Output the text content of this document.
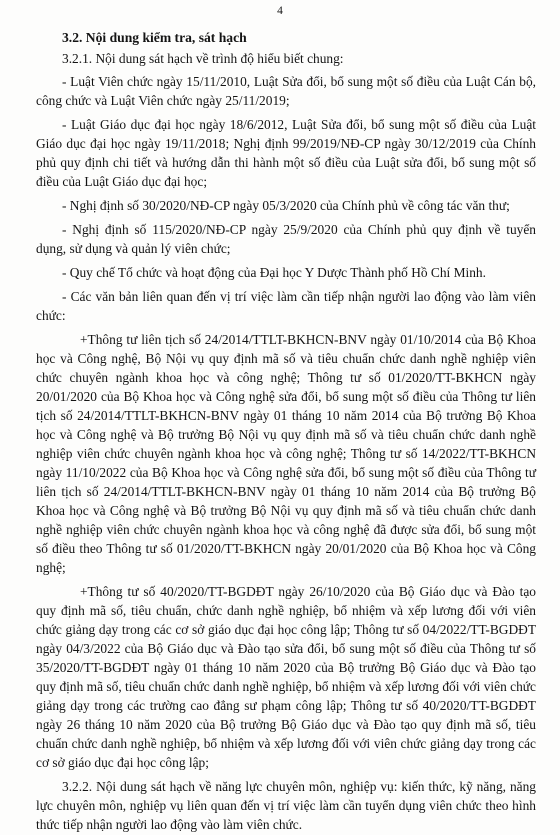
4
3.2. Nội dung kiểm tra, sát hạch

3.2.1. Nội dung sát hạch về trình độ hiểu biết chung:

- Luật Viên chức ngày 15/11/2010, Luật Sửa đổi, bổ sung một số điều của Luật Cán bộ, công chức và Luật Viên chức ngày 25/11/2019;

- Luật Giáo dục đại học ngày 18/6/2012, Luật Sửa đổi, bổ sung một số điều của Luật Giáo dục đại học ngày 19/11/2018; Nghị định 99/2019/NĐ-CP ngày 30/12/2019 của Chính phủ quy định chi tiết và hướng dẫn thi hành một số điều của Luật sửa đổi, bổ sung một số điều của Luật Giáo dục đại học;

- Nghị định số 30/2020/NĐ-CP ngày 05/3/2020 của Chính phủ về công tác văn thư;

- Nghị định số 115/2020/NĐ-CP ngày 25/9/2020 của Chính phủ quy định về tuyển dụng, sử dụng và quản lý viên chức;

- Quy chế Tổ chức và hoạt động của Đại học Y Dược Thành phố Hồ Chí Minh.

- Các văn bản liên quan đến vị trí việc làm cần tiếp nhận người lao động vào làm viên chức:

+Thông tư liên tịch số 24/2014/TTLT-BKHCN-BNV ngày 01/10/2014 của Bộ Khoa học và Công nghệ, Bộ Nội vụ quy định mã số và tiêu chuẩn chức danh nghề nghiệp viên chức chuyên ngành khoa học và công nghệ; Thông tư số 01/2020/TT-BKHCN ngày 20/01/2020 của Bộ Khoa học và Công nghệ sửa đổi, bổ sung một số điều của Thông tư liên tịch số 24/2014/TTLT-BKHCN-BNV ngày 01 tháng 10 năm 2014 của Bộ trưởng Bộ Khoa học và Công nghệ và Bộ trưởng Bộ Nội vụ quy định mã số và tiêu chuẩn chức danh nghề nghiệp viên chức chuyên ngành khoa học và công nghệ; Thông tư số 14/2022/TT-BKHCN ngày 11/10/2022 của Bộ Khoa học và Công nghệ sửa đổi, bổ sung một số điều của Thông tư liên tịch số 24/2014/TTLT-BKHCN-BNV ngày 01 tháng 10 năm 2014 của Bộ trưởng Bộ Khoa học và Công nghệ và Bộ trưởng Bộ Nội vụ quy định mã số và tiêu chuẩn chức danh nghề nghiệp viên chức chuyên ngành khoa học và công nghệ đã được sửa đổi, bổ sung một số điều theo Thông tư số 01/2020/TT-BKHCN ngày 20/01/2020 của Bộ Khoa học và Công nghệ;

+Thông tư số 40/2020/TT-BGDĐT ngày 26/10/2020 của Bộ Giáo dục và Đào tạo quy định mã số, tiêu chuẩn, chức danh nghề nghiệp, bổ nhiệm và xếp lương đối với viên chức giảng dạy trong các cơ sở giáo dục đại học công lập; Thông tư số 04/2022/TT-BGDĐT ngày 04/3/2022 của Bộ Giáo dục và Đào tạo sửa đổi, bổ sung một số điều của Thông tư số 35/2020/TT-BGDĐT ngày 01 tháng 10 năm 2020 của Bộ trưởng Bộ Giáo dục và Đào tạo quy định mã số, tiêu chuẩn chức danh nghề nghiệp, bổ nhiệm và xếp lương đối với viên chức giảng dạy trong các trường cao đẳng sư phạm công lập; Thông tư số 40/2020/TT-BGDĐT ngày 26 tháng 10 năm 2020 của Bộ trưởng Bộ Giáo dục và Đào tạo quy định mã số, tiêu chuẩn chức danh nghề nghiệp, bổ nhiệm và xếp lương đối với viên chức giảng dạy trong các cơ sở giáo dục đại học công lập;

3.2.2. Nội dung sát hạch về năng lực chuyên môn, nghiệp vụ: kiến thức, kỹ năng, năng lực chuyên môn, nghiệp vụ liên quan đến vị trí việc làm cần tuyển dụng viên chức theo hình thức tiếp nhận người lao động vào làm viên chức.
